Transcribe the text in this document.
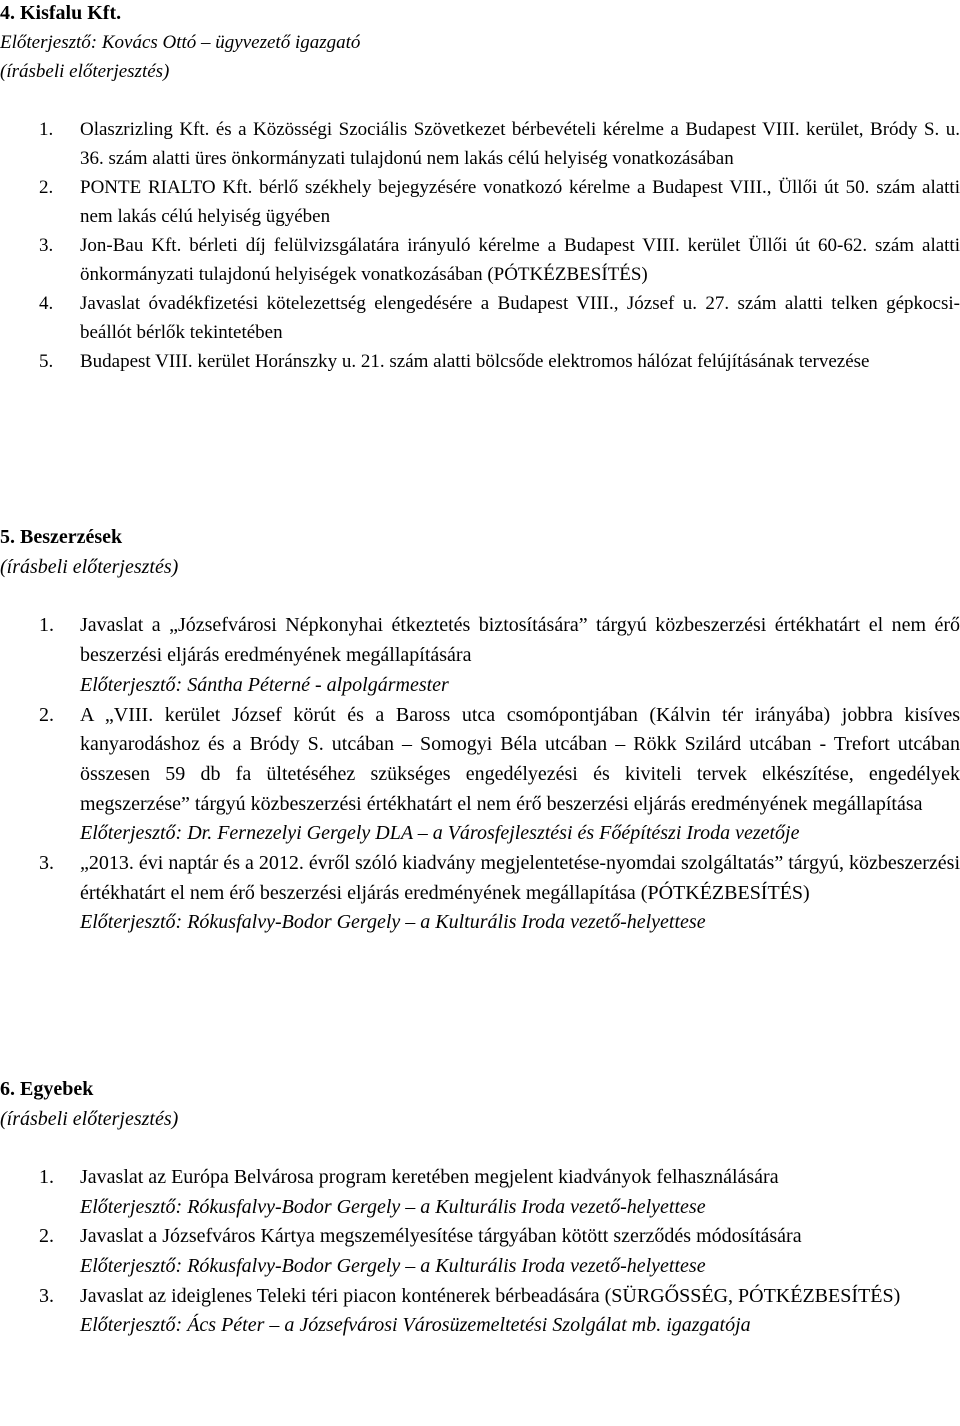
4. Kisfalu Kft.
Előterjesztő: Kovács Ottó – ügyvezető igazgató
(írásbeli előterjesztés)
1. Olaszrizling Kft. és a Közösségi Szociális Szövetkezet bérbevételi kérelme a Budapest VIII. kerület, Bródy S. u. 36. szám alatti üres önkormányzati tulajdonú nem lakás célú helyiség vonatkozásában
2. PONTE RIALTO Kft. bérlő székhely bejegyzésére vonatkozó kérelme a Budapest VIII., Üllői út 50. szám alatti nem lakás célú helyiség ügyében
3. Jon-Bau Kft. bérleti díj felülvizsgálatára irányuló kérelme a Budapest VIII. kerület Üllői út 60-62. szám alatti önkormányzati tulajdonú helyiségek vonatkozásában (PÓTKÉZBESÍTÉS)
4. Javaslat óvadékfizetési kötelezettség elengedésére a Budapest VIII., József u. 27. szám alatti telken gépkocsi-beállót bérlők tekintetében
5. Budapest VIII. kerület Horánszky u. 21. szám alatti bölcsőde elektromos hálózat felújításának tervezése
5. Beszerzések
(írásbeli előterjesztés)
1. Javaslat a „Józsefvárosi Népkonyhai étkeztetés biztosítására” tárgyú közbeszerzési értékhatárt el nem érő beszerzési eljárás eredményének megállapítására
Előterjesztő: Sántha Péterné - alpolgármester
2. A „VIII. kerület József körút és a Baross utca csomópontjában (Kálvin tér irányába) jobbra kisíves kanyarodáshoz és a Bródy S. utcában – Somogyi Béla utcában – Rökk Szilárd utcában - Trefort utcában összesen 59 db fa ültetéséhez szükséges engedélyezési és kiviteli tervek elkészítése, engedélyek megszerzése” tárgyú közbeszerzési értékhatárt el nem érő beszerzési eljárás eredményének megállapítása
Előterjesztő: Dr. Fernezelyi Gergely DLA – a Városfejlesztési és Főépítészi Iroda vezetője
3. „2013. évi naptár és a 2012. évről szóló kiadvány megjelentetése-nyomdai szolgáltatás” tárgyú, közbeszerzési értékhatárt el nem érő beszerzési eljárás eredményének megállapítása (PÓTKÉZBESÍTÉS)
Előterjesztő: Rókusfalvy-Bodor Gergely – a Kulturális Iroda vezető-helyettese
6. Egyebek
(írásbeli előterjesztés)
1. Javaslat az Európa Belvárosa program keretében megjelent kiadványok felhasználására
Előterjesztő: Rókusfalvy-Bodor Gergely – a Kulturális Iroda vezető-helyettese
2. Javaslat a Józsefváros Kártya megszemélyesítése tárgyában kötött szerződés módosítására
Előterjesztő: Rókusfalvy-Bodor Gergely – a Kulturális Iroda vezető-helyettese
3. Javaslat az ideiglenes Teleki téri piacon konténerek bérbeadására (SÜRGŐSSÉG, PÓTKÉZBESÍTÉS)
Előterjesztő: Ács Péter – a Józsefvárosi Városüzemeltetési Szolgálat mb. igazgatója
